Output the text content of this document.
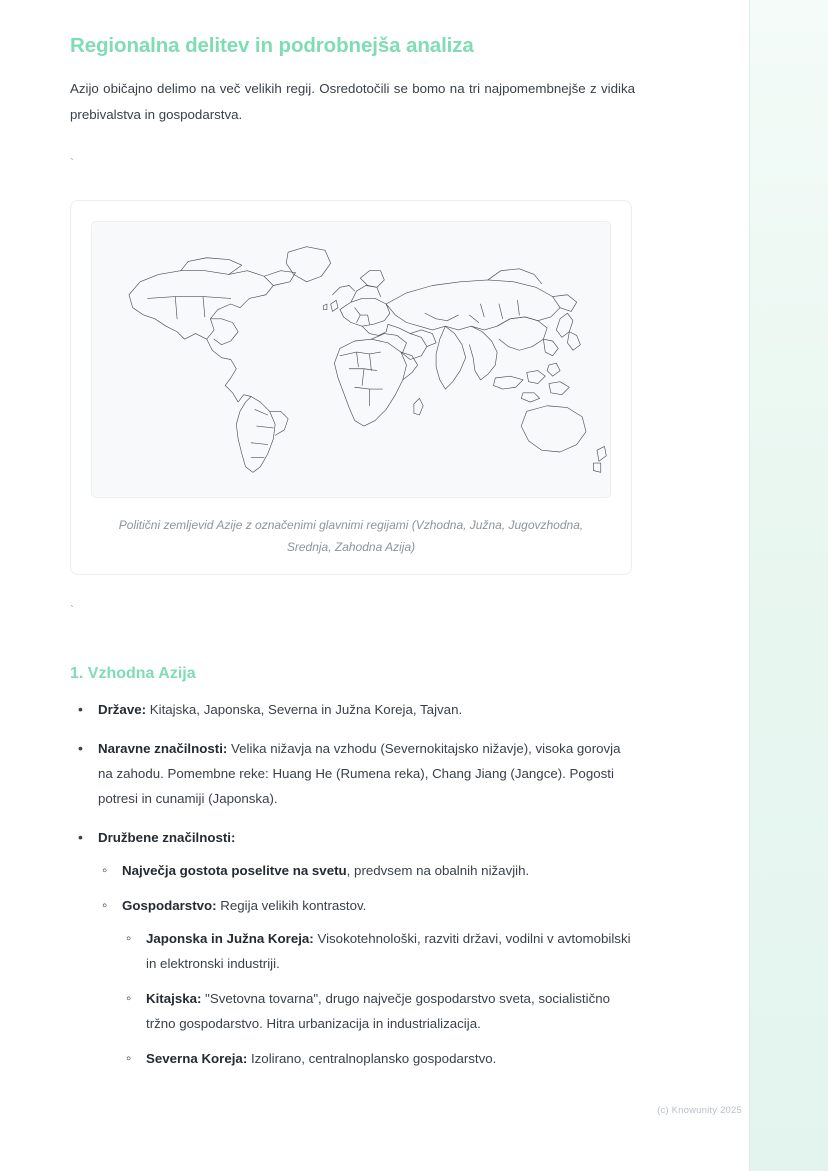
Regionalna delitev in podrobnejša analiza

Azijo običajno delimo na več velikih regij. Osredotočili se bomo na tri najpomembnejše z vidika prebivalstva in gospodarstva.

`
Politični zemljevid Azije z označenimi glavnimi regijami (Vzhodna, Južna, Jugovzhodna, Srednja, Zahodna Azija)
`
1. Vzhodna Azija
• Države: Kitajska, Japonska, Severna in Južna Koreja, Tajvan.
• Naravne značilnosti: Velika nižavja na vzhodu (Severnokitajsko nižavje), visoka gorovja na zahodu. Pomembne reke: Huang He (Rumena reka), Chang Jiang (Jangce). Pogosti potresi in cunamiji (Japonska).
• Družbene značilnosti:
◦ Največja gostota poselitve na svetu, predvsem na obalnih nižavjih.
◦ Gospodarstvo: Regija velikih kontrastov.
◦ Japonska in Južna Koreja: Visokotehnološki, razviti državi, vodilni v avtomobilski in elektronski industriji.
◦ Kitajska: "Svetovna tovarna", drugo največje gospodarstvo sveta, socialistično tržno gospodarstvo. Hitra urbanizacija in industrializacija.
◦ Severna Koreja: Izolirano, centralnoplansko gospodarstvo.
(c) Knowunity 2025
